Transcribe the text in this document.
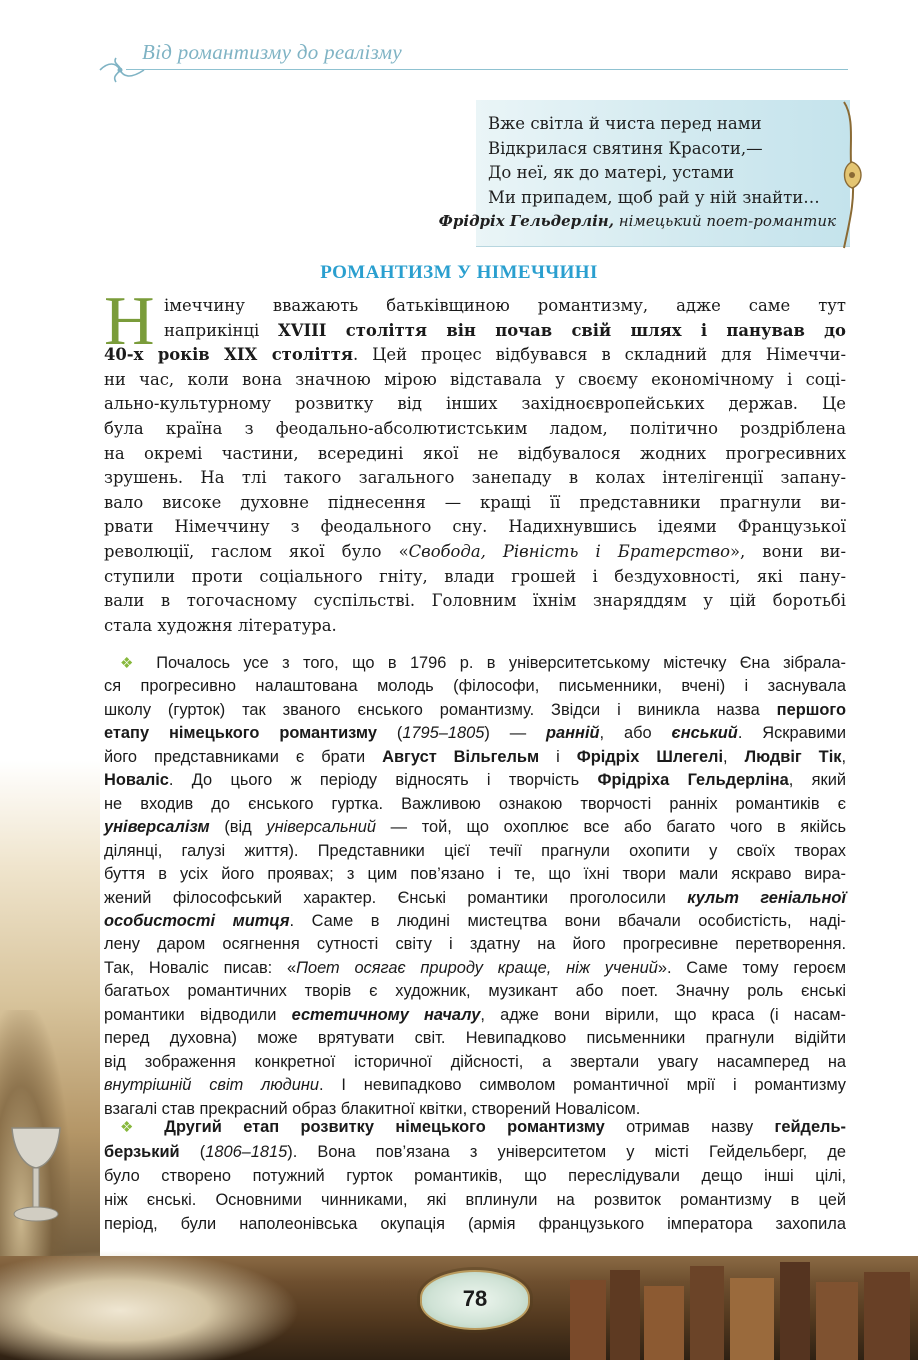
Від романтизму до реалізму
Вже світла й чиста перед нами
Відкрилася святиня Красоти,—
До неї, як до матері, устами
Ми припадем, щоб рай у ній знайти…
Фрідріх Гельдерлін, німецький поет-романтик
РОМАНТИЗМ У НІМЕЧЧИНІ
Н імеччину вважають батьківщиною романтизму, адже саме тут
наприкінці XVIII століття він почав свій шлях і панував до
40-х років XIX століття. Цей процес відбувався в складний для Німеччи-
ни час, коли вона значною мірою відставала у своєму економічному і соці-
ально-культурному розвитку від інших західноєвропейських держав. Це
була країна з феодально-абсолютистським ладом, політично роздріблена
на окремі частини, всередині якої не відбувалося жодних прогресивних
зрушень. На тлі такого загального занепаду в колах інтелігенції запану-
вало високе духовне піднесення — кращі її представники прагнули ви-
рвати Німеччину з феодального сну. Надихнувшись ідеями Французької
революції, гаслом якої було «Свобода, Рівність і Братерство», вони ви-
ступили проти соціального гніту, влади грошей і бездуховності, які пану-
вали в тогочасному суспільстві. Головним їхнім знаряддям у цій боротьбі
стала художня література.
❖ Почалось усе з того, що в 1796 р. в університетському містечку Єна зібрала-
ся прогресивно налаштована молодь (філософи, письменники, вчені) і заснувала
школу (гурток) так званого єнського романтизму. Звідси і виникла назва першого
етапу німецького романтизму (1795–1805) — ранній, або єнський. Яскравими
його представниками є брати Август Вільгельм і Фрідріх Шлегелі, Людвіг Тік,
Новаліс. До цього ж періоду відносять і творчість Фрідріха Гельдерліна, який
не входив до єнського гуртка. Важливою ознакою творчості ранніх романтиків є
універсалізм (від універсальний — той, що охоплює все або багато чого в якійсь
ділянці, галузі життя). Представники цієї течії прагнули охопити у своїх творах
буття в усіх його проявах; з цим пов’язано і те, що їхні твори мали яскраво вира-
жений філософський характер. Єнські романтики проголосили культ геніальної
особистості митця. Саме в людині мистецтва вони вбачали особистість, наді-
лену даром осягнення сутності світу і здатну на його прогресивне перетворення.
Так, Новаліс писав: «Поет осягає природу краще, ніж учений». Саме тому героєм
багатьох романтичних творів є художник, музикант або поет. Значну роль єнські
романтики відводили естетичному началу, адже вони вірили, що краса (і насам-
перед духовна) може врятувати світ. Невипадково письменники прагнули відійти
від зображення конкретної історичної дійсності, а звертали увагу насамперед на
внутрішній світ людини. І невипадково символом романтичної мрії і романтизму
взагалі став прекрасний образ блакитної квітки, створений Новалісом.
❖ Другий етап розвитку німецького романтизму отримав назву гейдель-
берзький (1806–1815). Вона пов’язана з університетом у місті Гейдельберг, де
було створено потужний гурток романтиків, що переслідували дещо інші цілі,
ніж єнські. Основними чинниками, які вплинули на розвиток романтизму в цей
період, були наполеонівська окупація (армія французького імператора захопила
78
